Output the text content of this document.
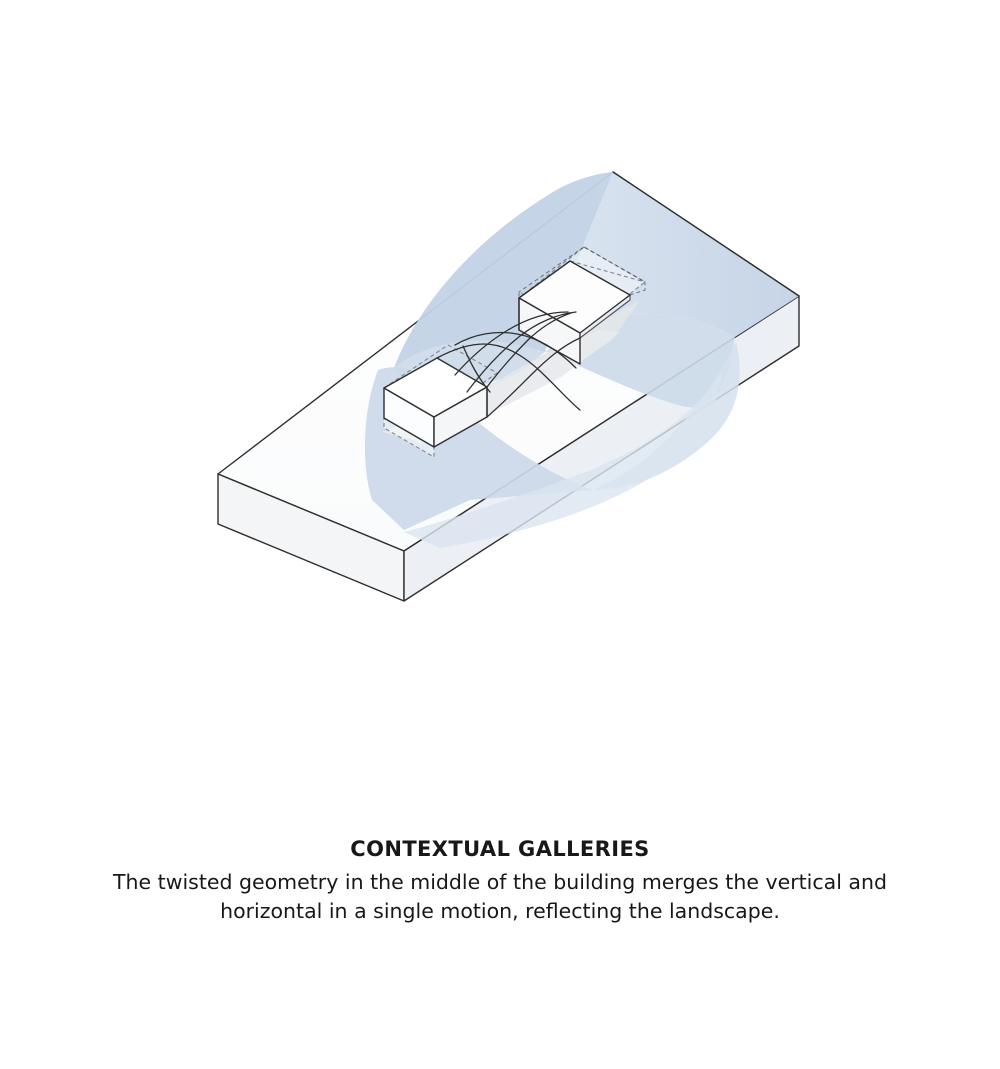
CONTEXTUAL GALLERIES
The twisted geometry in the middle of the building merges the vertical and horizontal in a single motion, reflecting the landscape.
